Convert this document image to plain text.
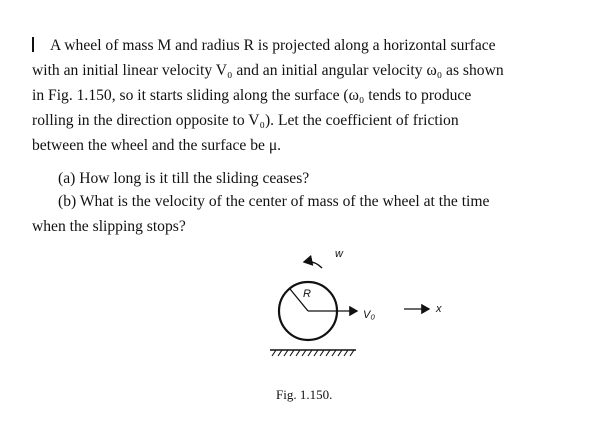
A wheel of mass M and radius R is projected along a horizontal surface
with an initial linear velocity V₀ and an initial angular velocity ω₀ as shown
in Fig. 1.150, so it starts sliding along the surface (ω₀ tends to produce
rolling in the direction opposite to V₀). Let the coefficient of friction
between the wheel and the surface be μ.
(a) How long is it till the sliding ceases?
(b) What is the velocity of the center of mass of the wheel at the time
when the slipping stops?
R
w
V₀	x
Fig. 1.150.
